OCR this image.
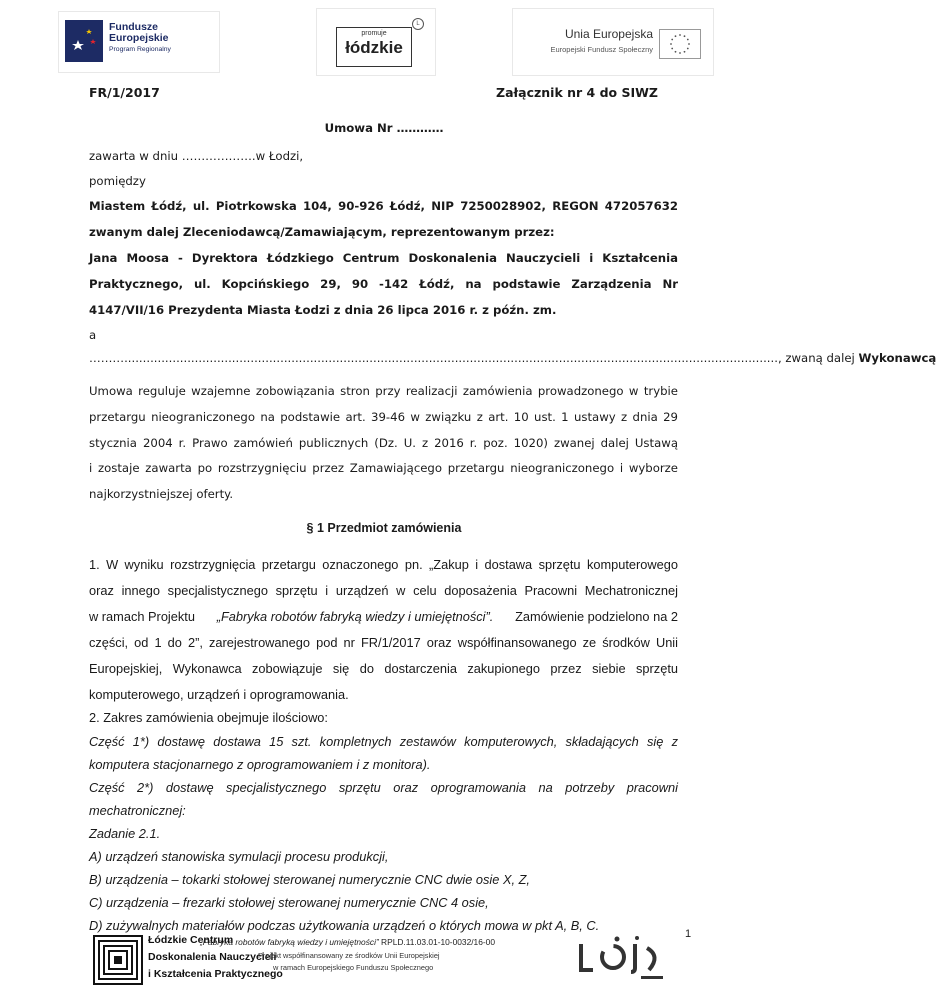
Fundusze
Europejskie
Program Regionalny
promuje
łódzkie
L
Unia Europejska
Europejski Fundusz Społeczny
FR/1/2017	Załącznik nr 4 do SIWZ
Umowa Nr …………
zawarta w dniu ……………….w Łodzi,
pomiędzy
Miastem Łódź, ul. Piotrkowska 104, 90-926 Łódź, NIP 7250028902, REGON 472057632
zwanym dalej Zleceniodawcą/Zamawiającym, reprezentowanym przez:
Jana Moosa - Dyrektora Łódzkiego Centrum Doskonalenia Nauczycieli i Kształcenia
Praktycznego, ul. Kopcińskiego 29, 90 -142 Łódź, na podstawie Zarządzenia Nr
4147/VII/16 Prezydenta Miasta Łodzi z dnia 26 lipca 2016 r. z późn. zm.
a
………................................................................................................................................................................................ , zwaną dalej Wykonawcą
Umowa reguluje wzajemne zobowiązania stron przy realizacji zamówienia prowadzonego w trybie
przetargu nieograniczonego na podstawie art. 39-46 w związku z art. 10 ust. 1 ustawy z dnia 29
stycznia 2004 r. Prawo zamówień publicznych (Dz. U. z 2016 r. poz. 1020) zwanej dalej Ustawą
i zostaje zawarta po rozstrzygnięciu przez Zamawiającego przetargu nieograniczonego i wyborze
najkorzystniejszej oferty.
§ 1 Przedmiot zamówienia
1. W wyniku rozstrzygnięcia przetargu oznaczonego pn. „Zakup i dostawa sprzętu komputerowego
oraz innego specjalistycznego sprzętu i urządzeń w celu doposażenia Pracowni Mechatronicznej
w ramach Projektu „Fabryka robotów fabryką wiedzy i umiejętności”. Zamówienie podzielono na 2
części, od 1 do 2”, zarejestrowanego pod nr FR/1/2017 oraz współfinansowanego ze środków Unii
Europejskiej, Wykonawca zobowiązuje się do dostarczenia zakupionego przez siebie sprzętu
komputerowego, urządzeń i oprogramowania.
2. Zakres zamówienia obejmuje ilościowo:
Część 1*) dostawę dostawa 15 szt. kompletnych zestawów komputerowych, składających się z
komputera stacjonarnego z oprogramowaniem i z monitora).
Część 2*) dostawę specjalistycznego sprzętu oraz oprogramowania na potrzeby pracowni
mechatronicznej:
Zadanie 2.1.
A) urządzeń stanowiska symulacji procesu produkcji,
B) urządzenia – tokarki stołowej sterowanej numerycznie CNC dwie osie X, Z,
C) urządzenia – frezarki stołowej sterowanej numerycznie CNC 4 osie,
D) zużywalnych materiałów podczas użytkowania urządzeń o których mowa w pkt A, B, C.
Łódzkie Centrum
Doskonalenia Nauczycieli
i Kształcenia Praktycznego
„Fabryka robotów fabryką wiedzy i umiejętności” RPLD.11.03.01-10-0032/16-00
Projekt współfinansowany ze środków Unii Europejskiej
w ramach Europejskiego Funduszu Społecznego
1
